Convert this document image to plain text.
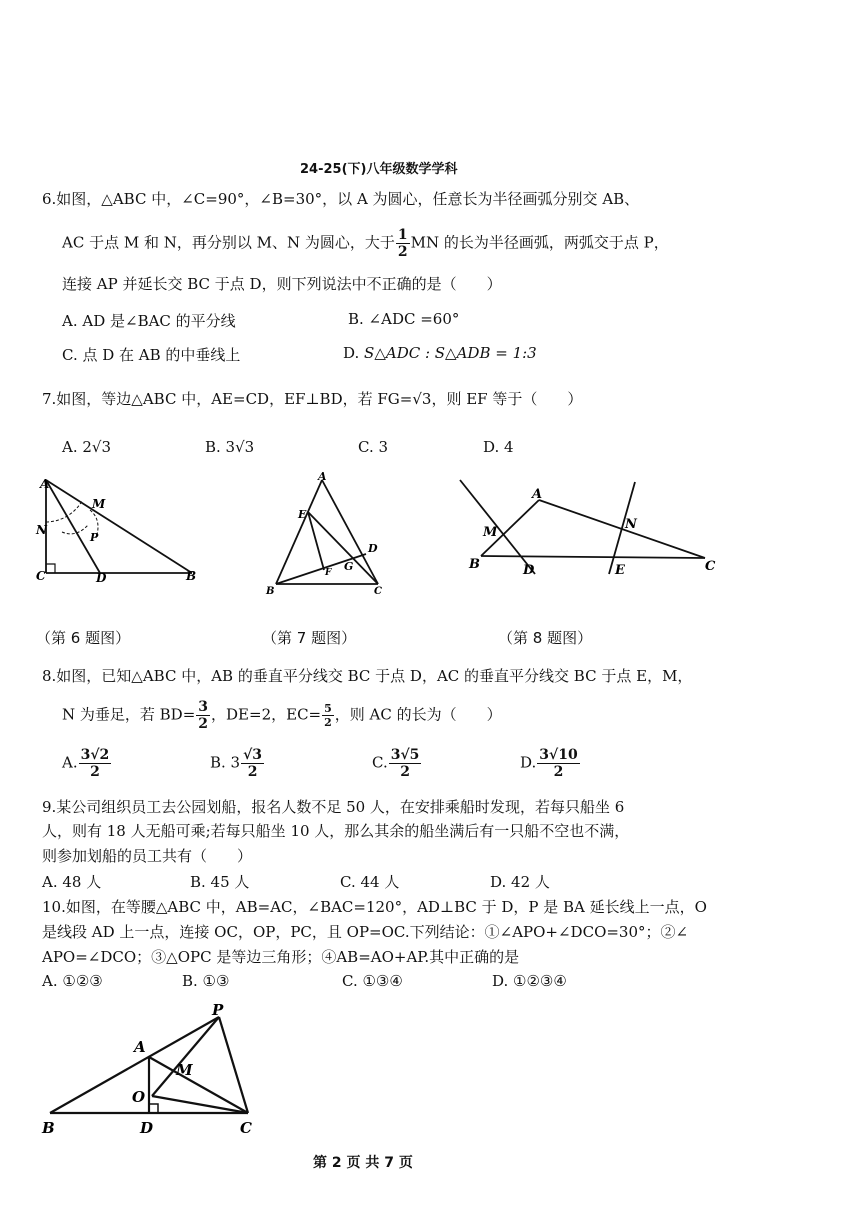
24-25(下)八年级数学学科
6.如图，△ABC 中，∠C=90°，∠B=30°，以 A 为圆心，任意长为半径画弧分别交 AB、
AC 于点 M 和 N，再分别以 M、N 为圆心，大于 $\frac{1}{2}$ MN 的长为半径画弧，两弧交于点 P，
连接 AP 并延长交 BC 于点 D，则下列说法中不正确的是（　　）
A. AD 是∠BAC 的平分线	B. ∠ADC =60°
C. 点 D 在 AB 的中垂线上	D. S△ADC : S△ADB = 1:3
7.如图，等边△ABC 中，AE=CD，EF⊥BD，若 FG=√3，则 EF 等于（　　）
A. 2√3	B. 3√3	C. 3	D. 4
A
M
N
P
C	D	B
A
E
D
F G
B	C
A
M
N
B	D	E	C
（第 6 题图）	（第 7 题图）	（第 8 题图）
8.如图，已知△ABC 中，AB 的垂直平分线交 BC 于点 D，AC 的垂直平分线交 BC 于点 E，M，
N 为垂足，若 $BD= \frac{3}{2}$ ，DE=2，$EC= \frac{5}{2}$ ，则 AC 的长为（　　）
A. $\frac{3√2}{2}$	B. $3 \frac{√3}{2}$	C. $\frac{3√5}{2}$	D. $\frac{3√10}{2}$
9.某公司组织员工去公园划船，报名人数不足 50 人，在安排乘船时发现，若每只船坐 6
人，则有 18 人无船可乘;若每只船坐 10 人，那么其余的船坐满后有一只船不空也不满，
则参加划船的员工共有（　　）
A. 48 人	B. 45 人	C. 44 人	D. 42 人
10.如图，在等腰△ABC 中，AB=AC，∠BAC=120°，AD⊥BC 于 D，P 是 BA 延长线上一点，O
是线段 AD 上一点，连接 OC，OP，PC，且 OP=OC.下列结论：①∠APO+∠DCO=30°；②∠
APO=∠DCO；③△OPC 是等边三角形；④AB=AO+AP.其中正确的是
A. ①②③	B. ①③	C. ①③④	D. ①②③④
P
A
M
O
B	D	C
第 2 页 共 7 页
